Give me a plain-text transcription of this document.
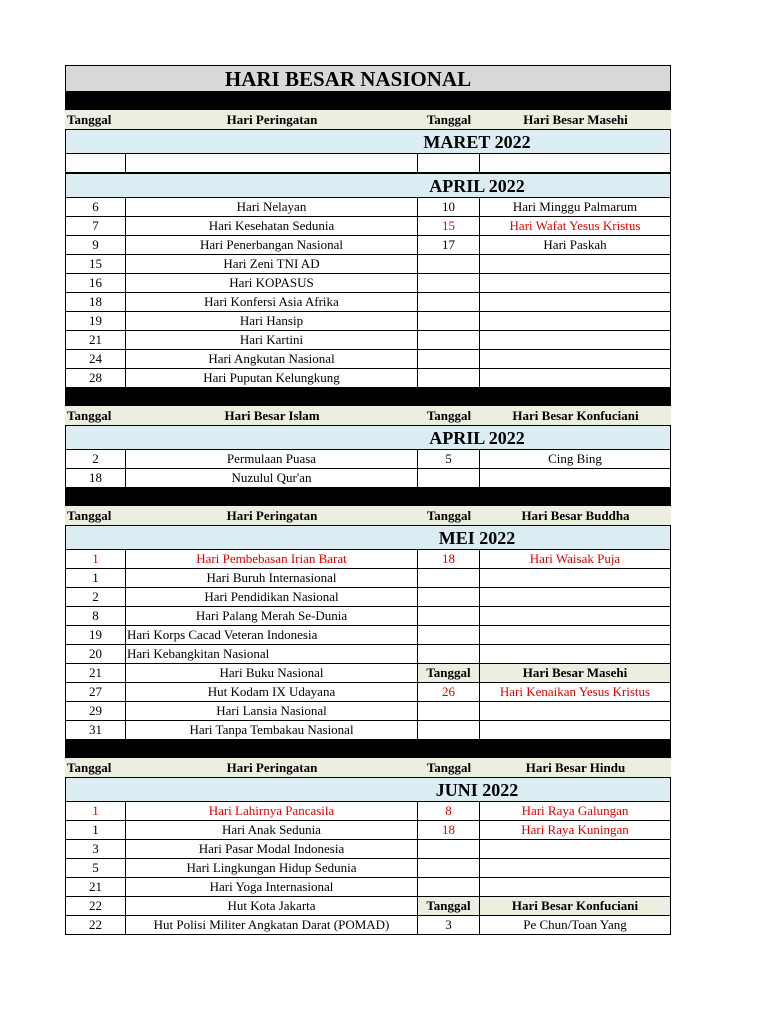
HARI BESAR NASIONAL
Tanggal	Hari Peringatan	Tanggal	Hari Besar Masehi
MARET 2022
APRIL 2022
6	Hari Nelayan	10	Hari Minggu Palmarum
7	Hari Kesehatan Sedunia	15	Hari Wafat Yesus Kristus
9	Hari Penerbangan Nasional	17	Hari Paskah
15	Hari Zeni TNI AD
16	Hari KOPASUS
18	Hari Konfersi Asia Afrika
19	Hari Hansip
21	Hari Kartini
24	Hari Angkutan Nasional
28	Hari Puputan Kelungkung
Tanggal	Hari Besar Islam	Tanggal	Hari Besar Konfuciani
APRIL 2022
2	Permulaan Puasa	5	Cing Bing
18	Nuzulul Qur'an
Tanggal	Hari Peringatan	Tanggal	Hari Besar Buddha
MEI 2022
1	Hari Pembebasan Irian Barat	18	Hari Waisak Puja
1	Hari Buruh Internasional
2	Hari Pendidikan Nasional
8	Hari Palang Merah Se-Dunia
19	Hari Korps Cacad Veteran Indonesia
20	Hari Kebangkitan Nasional
21	Hari Buku Nasional	Tanggal	Hari Besar Masehi
27	Hut Kodam IX Udayana	26	Hari Kenaikan Yesus Kristus
29	Hari Lansia Nasional
31	Hari Tanpa Tembakau Nasional
Tanggal	Hari Peringatan	Tanggal	Hari Besar Hindu
JUNI 2022
1	Hari Lahirnya Pancasila	8	Hari Raya Galungan
1	Hari Anak Sedunia	18	Hari Raya Kuningan
3	Hari Pasar Modal Indonesia
5	Hari Lingkungan Hidup Sedunia
21	Hari Yoga Internasional
22	Hut Kota Jakarta	Tanggal	Hari Besar Konfuciani
22	Hut Polisi Militer Angkatan Darat (POMAD)	3	Pe Chun/Toan Yang
